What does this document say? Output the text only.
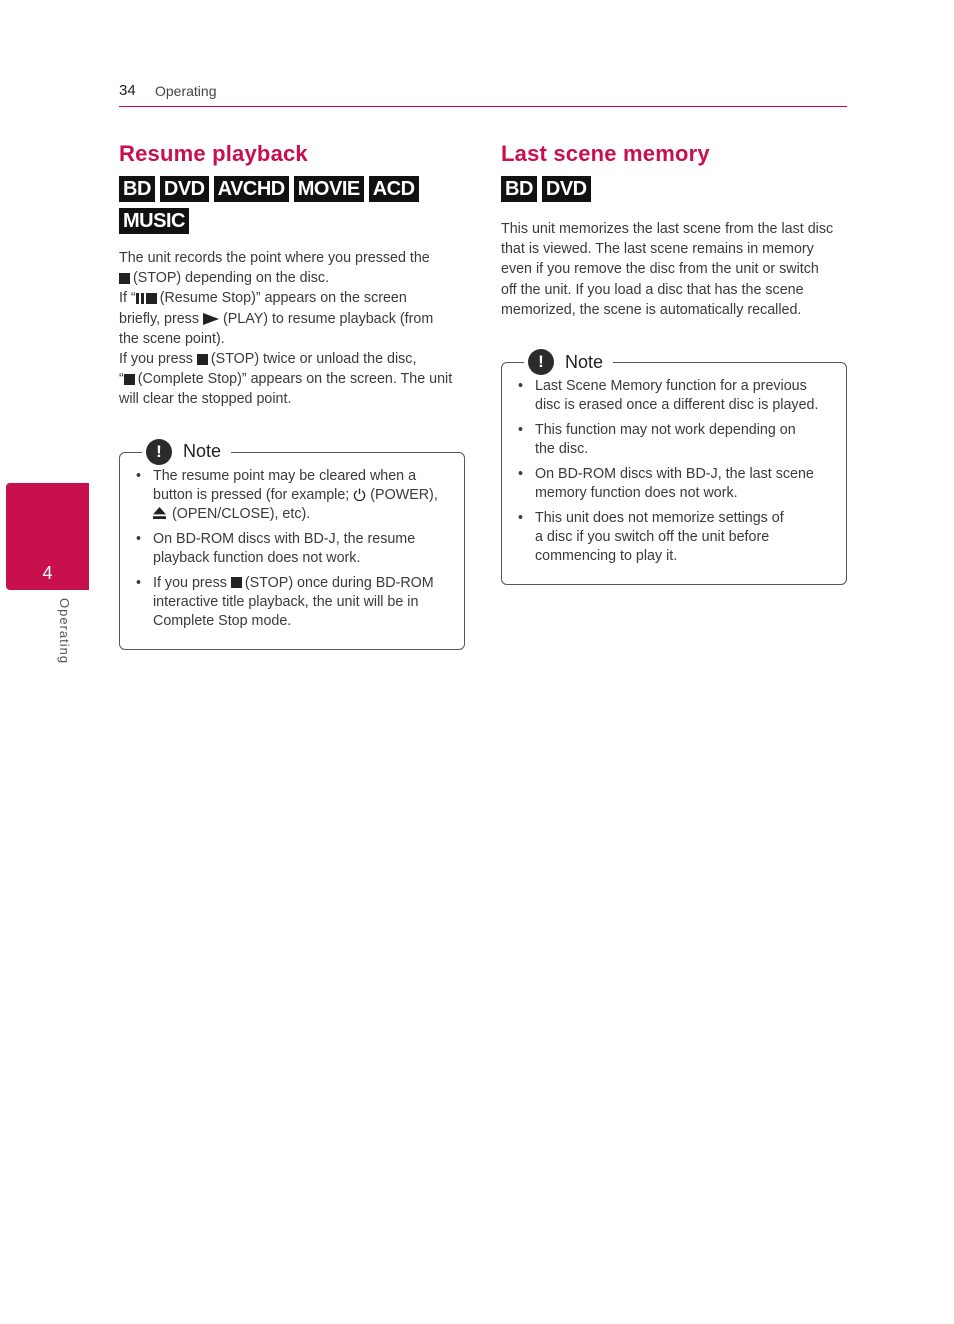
34 Operating
4
Operating
Resume playback
BD DVD AVCHD MOVIE ACD
MUSIC
The unit records the point where you pressed the
(STOP) depending on the disc.
If “ (Resume Stop)” appears on the screen
briefly, press (PLAY) to resume playback (from
the scene point).
If you press (STOP) twice or unload the disc,
“ (Complete Stop)” appears on the screen. The unit
will clear the stopped point.
!	Note
• The resume point may be cleared when a
button is pressed (for example; (POWER),
(OPEN/CLOSE), etc).
• On BD-ROM discs with BD-J, the resume
playback function does not work.
• If you press (STOP) once during BD-ROM
interactive title playback, the unit will be in
Complete Stop mode.
Last scene memory
BD DVD
This unit memorizes the last scene from the last disc
that is viewed. The last scene remains in memory
even if you remove the disc from the unit or switch
off the unit. If you load a disc that has the scene
memorized, the scene is automatically recalled.
!	Note
• Last Scene Memory function for a previous
disc is erased once a different disc is played.
• This function may not work depending on
the disc.
• On BD-ROM discs with BD-J, the last scene
memory function does not work.
• This unit does not memorize settings of
a disc if you switch off the unit before
commencing to play it.
